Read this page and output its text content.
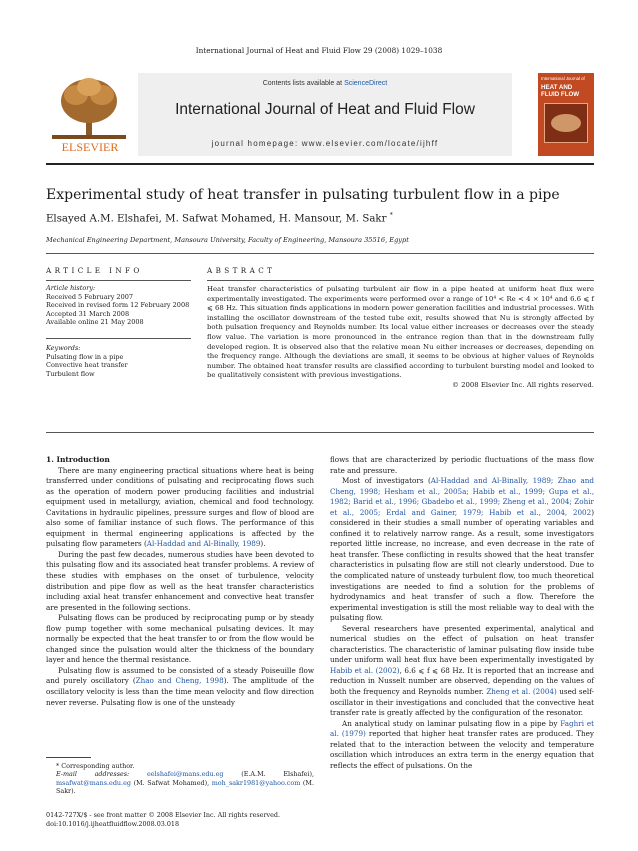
International Journal of Heat and Fluid Flow 29 (2008) 1029–1038
ELSEVIER
Contents lists available at ScienceDirect
International Journal of Heat and Fluid Flow
journal homepage: www.elsevier.com/locate/ijhff
International Journal of
HEAT AND FLUID FLOW
Experimental study of heat transfer in pulsating turbulent flow in a pipe
Elsayed A.M. Elshafei, M. Safwat Mohamed, H. Mansour, M. Sakr *
Mechanical Engineering Department, Mansoura University, Faculty of Engineering, Mansoura 35516, Egypt
ARTICLE INFO
Article history:
Received 5 February 2007
Received in revised form 12 February 2008
Accepted 31 March 2008
Available online 21 May 2008
Keywords:
Pulsating flow in a pipe
Convective heat transfer
Turbulent flow
ABSTRACT

Heat transfer characteristics of pulsating turbulent air flow in a pipe heated at uniform heat flux were experimentally investigated. The experiments were performed over a range of 10⁴ < Re < 4 × 10⁴ and 6.6 ⩽ f ⩽ 68 Hz. This situation finds applications in modern power generation facilities and industrial processes. With installing the oscillator downstream of the tested tube exit, results showed that Nu is strongly affected by both pulsation frequency and Reynolds number. Its local value either increases or decreases over the steady flow value. The variation is more pronounced in the entrance region than that in the downstream fully developed region. It is observed also that the relative mean Nu either increases or decreases, depending on the frequency range. Although the deviations are small, it seems to be obvious at higher values of Reynolds number. The obtained heat transfer results are classified according to turbulent bursting model and looked to be qualitatively consistent with previous investigations.

© 2008 Elsevier Inc. All rights reserved.

1. Introduction

There are many engineering practical situations where heat is being transferred under conditions of pulsating and reciprocating flows such as the operation of modern power producing facilities and industrial equipment used in metallurgy, aviation, chemical and food technology. Cavitations in hydraulic pipelines, pressure surges and flow of blood are also some of familiar instance of such flows. The performance of this equipment in thermal engineering applications is affected by the pulsating flow parameters (Al-Haddad and Al-Binally, 1989).

During the past few decades, numerous studies have been devoted to this pulsating flow and its associated heat transfer problems. A review of these studies with emphases on the onset of turbulence, velocity distribution and pipe flow as well as the heat transfer characteristics including axial heat transfer enhancement and convective heat transfer are presented in the following sections.

Pulsating flows can be produced by reciprocating pump or by steady flow pump together with some mechanical pulsating devices. It may normally be expected that the heat transfer to or from the flow would be changed since the pulsation would alter the thickness of the boundary layer and hence the thermal resistance.

Pulsating flow is assumed to be consisted of a steady Poiseuille flow and purely oscillatory (Zhao and Cheng, 1998). The amplitude of the oscillatory velocity is less than the time mean velocity and flow direction never reverse. Pulsating flow is one of the unsteady

flows that are characterized by periodic fluctuations of the mass flow rate and pressure.

Most of investigators (Al-Haddad and Al-Binally, 1989; Zhao and Cheng, 1998; Hesham et al., 2005a; Habib et al., 1999; Gupa et al., 1982; Barid et al., 1996; Gbadebo et al., 1999; Zheng et al., 2004; Zohir et al., 2005; Erdal and Gainer, 1979; Habib et al., 2004, 2002) considered in their studies a small number of operating variables and confined it to relatively narrow range. As a result, some investigators reported little increase, no increase, and even decrease in the rate of heat transfer. These conflicting in results showed that the heat transfer characteristics in pulsating flow are still not clearly understood. Due to the complicated nature of unsteady turbulent flow, too much theoretical investigations are needed to find a solution for the problems of hydrodynamics and heat transfer of such a flow. Therefore the experimental investigation is still the most reliable way to deal with the pulsating flow.

Several researchers have presented experimental, analytical and numerical studies on the effect of pulsation on heat transfer characteristics. The characteristic of laminar pulsating flow inside tube under uniform wall heat flux have been experimentally investigated by Habib et al. (2002), 6.6 ⩽ f ⩽ 68 Hz. It is reported that an increase and reduction in Nusselt number are observed, depending on the values of both the frequency and Reynolds number. Zheng et al. (2004) used self-oscillator in their investigations and concluded that the convective heat transfer rate is greatly affected by the configuration of the resonator.

An analytical study on laminar pulsating flow in a pipe by Faghri et al. (1979) reported that higher heat transfer rates are produced. They related that to the interaction between the velocity and temperature oscillation which introduces an extra term in the energy equation that reflects the effect of pulsations. On the

* Corresponding author.
E-mail addresses:	eelshafei@mans.edu.eg (E.A.M. Elshafei), msafwat@mans.edu.eg (M. Safwat Mohamed), moh_sakr1981@yahoo.com (M. Sakr).
0142-727X/$ - see front matter © 2008 Elsevier Inc. All rights reserved.
doi:10.1016/j.ijheatfluidflow.2008.03.018
